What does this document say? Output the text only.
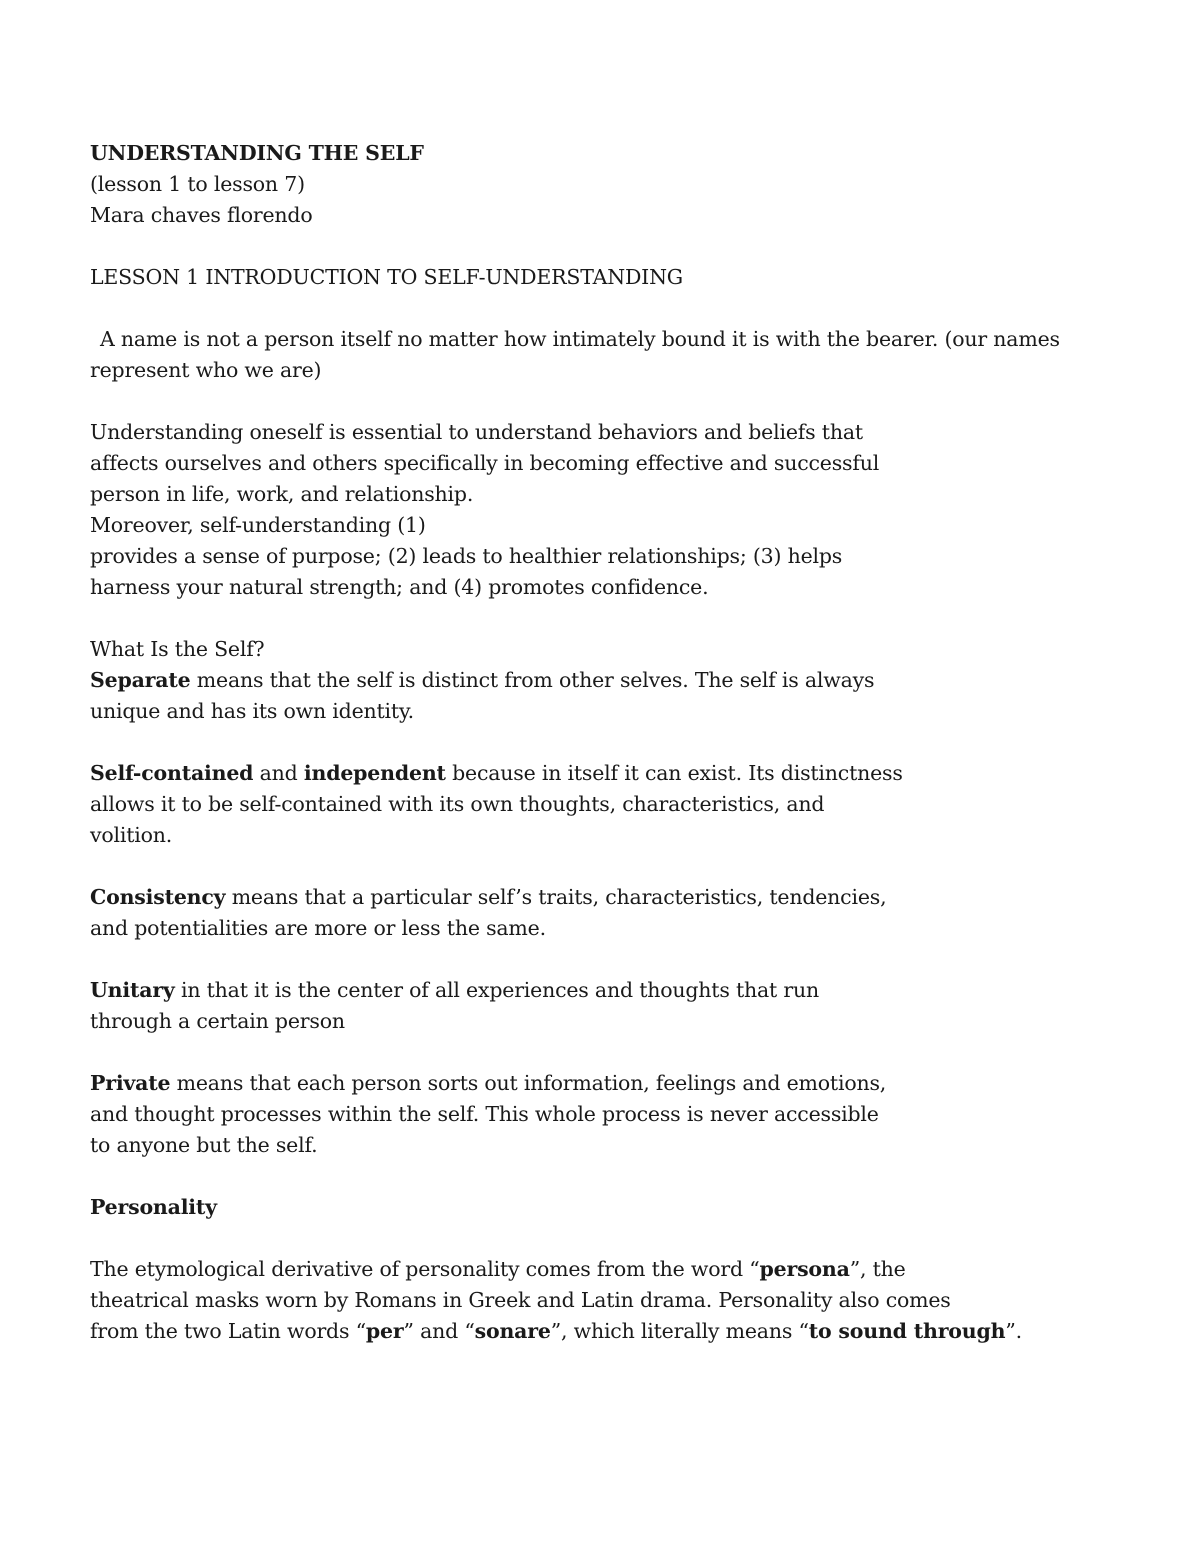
UNDERSTANDING THE SELF
(lesson 1 to lesson 7)
Mara chaves florendo
LESSON 1 INTRODUCTION TO SELF-UNDERSTANDING
A name is not a person itself no matter how intimately bound it is with the bearer. (our names
represent who we are)
Understanding oneself is essential to understand behaviors and beliefs that
affects ourselves and others specifically in becoming effective and successful
person in life, work, and relationship.
Moreover, self-understanding (1)
provides a sense of purpose; (2) leads to healthier relationships; (3) helps
harness your natural strength; and (4) promotes confidence.
What Is the Self?
Separate means that the self is distinct from other selves. The self is always
unique and has its own identity.
Self-contained and independent because in itself it can exist. Its distinctness
allows it to be self-contained with its own thoughts, characteristics, and
volition.
Consistency means that a particular self’s traits, characteristics, tendencies,
and potentialities are more or less the same.
Unitary in that it is the center of all experiences and thoughts that run
through a certain person
Private means that each person sorts out information, feelings and emotions,
and thought processes within the self. This whole process is never accessible
to anyone but the self.
Personality
The etymological derivative of personality comes from the word “persona”, the
theatrical masks worn by Romans in Greek and Latin drama. Personality also comes
from the two Latin words “per” and “sonare”, which literally means “to sound through”.
